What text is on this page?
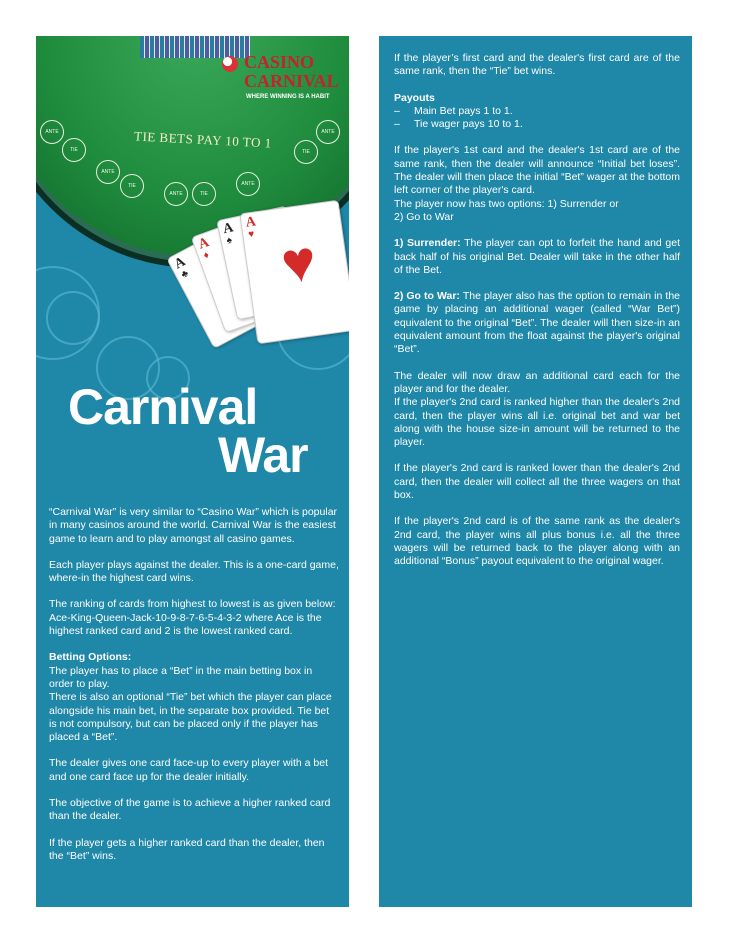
ANTE
TIE
ANTE
TIE
ANTE	TIE
ANTE
TIE
ANTE
TIE BETS PAY 10 TO 1
CASINO
CARNIVAL
WHERE WINNING IS A HABIT
A
♣
A
♦
A
♠
A
♥ ♥
Carnival
War

“Carnival War” is very similar to “Casino War” which is popular in many casinos around the world. Carnival War is the easiest game to learn and to play amongst all casino games.

Each player plays against the dealer. This is a one-card game, where-in the highest card wins.

The ranking of cards from highest to lowest is as given below:

Ace-King-Queen-Jack-10-9-8-7-6-5-4-3-2 where Ace is the highest ranked card and 2 is the lowest ranked card.

Betting Options:

The player has to place a “Bet” in the main betting box in order to play.

There is also an optional “Tie” bet which the player can place alongside his main bet, in the separate box provided. Tie bet is not compulsory, but can be placed only if the player has placed a “Bet”.

The dealer gives one card face-up to every player with a bet and one card face up for the dealer initially.

The objective of the game is to achieve a higher ranked card than the dealer.

If the player gets a higher ranked card than the dealer, then the “Bet” wins.

If the player’s first card and the dealer's first card are of the same rank, then the “Tie” bet wins.

Payouts

–	Main Bet pays 1 to 1.
–	Tie wager pays 10 to 1.

If the player's 1st card and the dealer's 1st card are of the same rank, then the dealer will announce “Initial bet loses”. The dealer will then place the initial “Bet” wager at the bottom left corner of the player's card.

The player now has two options: 1) Surrender or

2) Go to War

1) Surrender: The player can opt to forfeit the hand and get back half of his original Bet. Dealer will take in the other half of the Bet.

2) Go to War: The player also has the option to remain in the game by placing an additional wager (called “War Bet”) equivalent to the original “Bet”. The dealer will then size-in an equivalent amount from the float against the player's original “Bet”.

The dealer will now draw an additional card each for the player and for the dealer.

If the player's 2nd card is ranked higher than the dealer's 2nd card, then the player wins all i.e. original bet and war bet along with the house size-in amount will be returned to the player.

If the player's 2nd card is ranked lower than the dealer's 2nd card, then the dealer will collect all the three wagers on that box.

If the player's 2nd card is of the same rank as the dealer's 2nd card, the player wins all plus bonus i.e. all the three wagers will be returned back to the player along with an additional “Bonus” payout equivalent to the original wager.
